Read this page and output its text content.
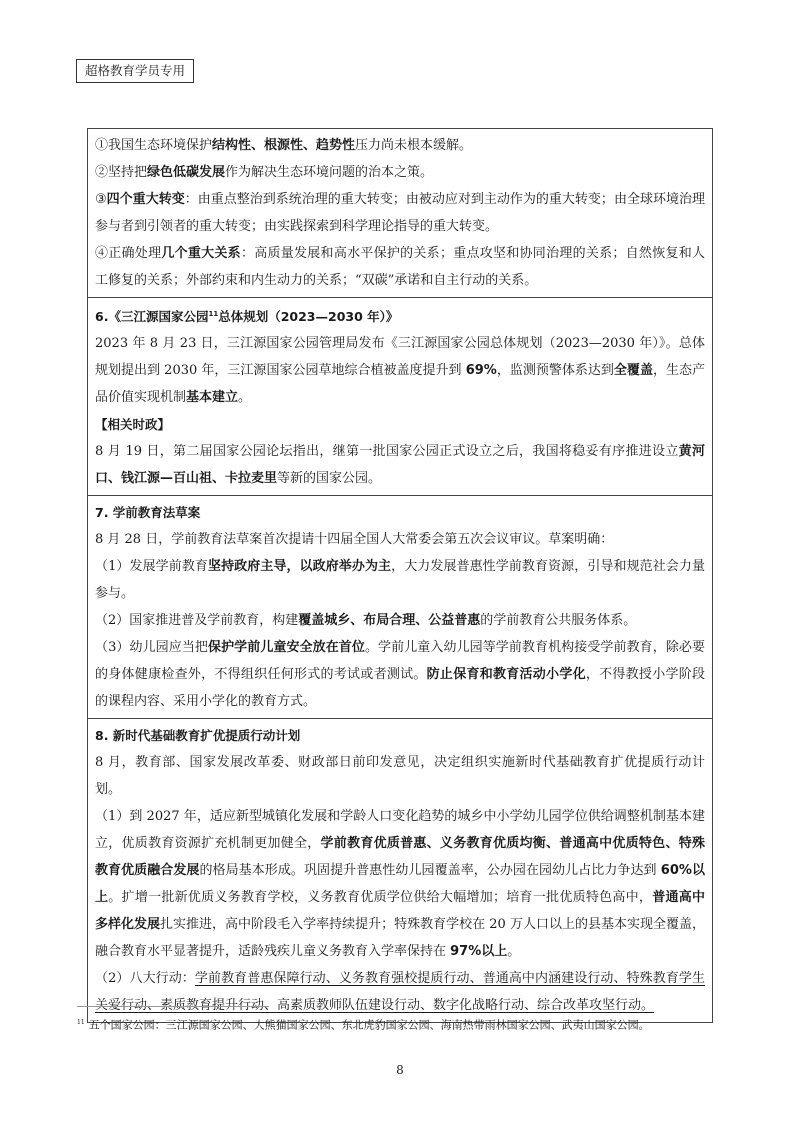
超格教育学员专用

①我国生态环境保护结构性、根源性、趋势性压力尚未根本缓解。

②坚持把绿色低碳发展作为解决生态环境问题的治本之策。

③四个重大转变：由重点整治到系统治理的重大转变；由被动应对到主动作为的重大转变；由全球环境治理参与者到引领者的重大转变；由实践探索到科学理论指导的重大转变。

④正确处理几个重大关系：高质量发展和高水平保护的关系；重点攻坚和协同治理的关系；自然恢复和人工修复的关系；外部约束和内生动力的关系；“双碳”承诺和自主行动的关系。

6.《三江源国家公园$^{11}$总体规划（2023—2030 年）》

2023 年 8 月 23 日，三江源国家公园管理局发布《三江源国家公园总体规划（2023—2030 年）》。总体规划提出到 2030 年，三江源国家公园草地综合植被盖度提升到 69%，监测预警体系达到全覆盖，生态产品价值实现机制基本建立。

【相关时政】

8 月 19 日，第二届国家公园论坛指出，继第一批国家公园正式设立之后，我国将稳妥有序推进设立黄河口、钱江源—百山祖、卡拉麦里等新的国家公园。

7. 学前教育法草案

8 月 28 日，学前教育法草案首次提请十四届全国人大常委会第五次会议审议。草案明确：

（1）发展学前教育坚持政府主导，以政府举办为主，大力发展普惠性学前教育资源，引导和规范社会力量参与。

（2）国家推进普及学前教育，构建覆盖城乡、布局合理、公益普惠的学前教育公共服务体系。

（3）幼儿园应当把保护学前儿童安全放在首位。学前儿童入幼儿园等学前教育机构接受学前教育，除必要的身体健康检查外，不得组织任何形式的考试或者测试。防止保育和教育活动小学化，不得教授小学阶段的课程内容、采用小学化的教育方式。

8. 新时代基础教育扩优提质行动计划

8 月，教育部、国家发展改革委、财政部日前印发意见，决定组织实施新时代基础教育扩优提质行动计划。

（1）到 2027 年，适应新型城镇化发展和学龄人口变化趋势的城乡中小学幼儿园学位供给调整机制基本建立，优质教育资源扩充机制更加健全，学前教育优质普惠、义务教育优质均衡、普通高中优质特色、特殊教育优质融合发展的格局基本形成。巩固提升普惠性幼儿园覆盖率，公办园在园幼儿占比力争达到 60%以上。扩增一批新优质义务教育学校，义务教育优质学位供给大幅增加；培育一批优质特色高中，普通高中多样化发展扎实推进，高中阶段毛入学率持续提升；特殊教育学校在 20 万人口以上的县基本实现全覆盖，融合教育水平显著提升，适龄残疾儿童义务教育入学率保持在 97%以上。

（2）八大行动：学前教育普惠保障行动、义务教育强校提质行动、普通高中内涵建设行动、特殊教育学生关爱行动、素质教育提升行动、高素质教师队伍建设行动、数字化战略行动、综合改革攻坚行动。

$^{11}$ 五个国家公园：三江源国家公园、大熊猫国家公园、东北虎豹国家公园、海南热带雨林国家公园、武夷山国家公园。
8
